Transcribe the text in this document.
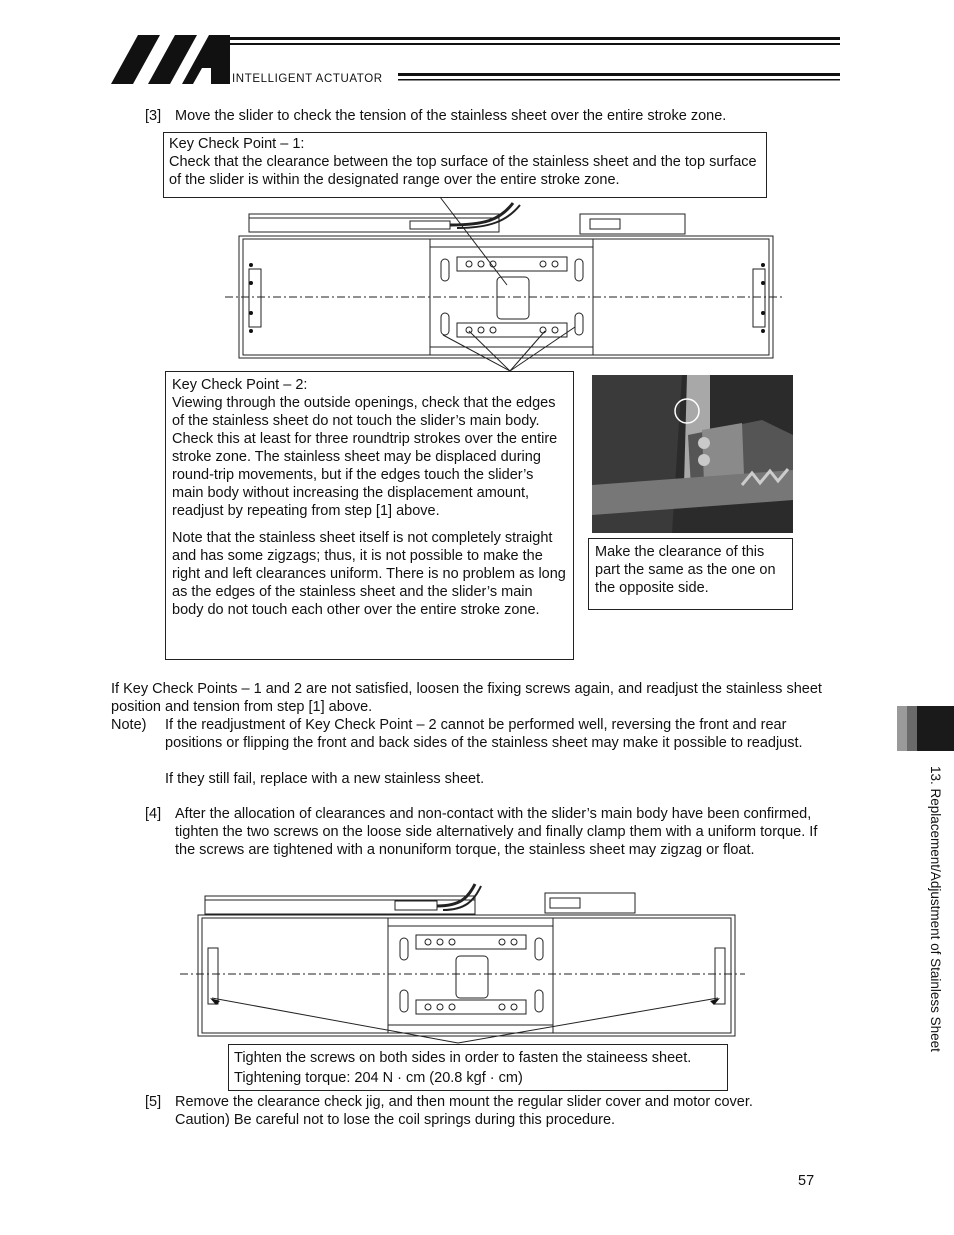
INTELLIGENT ACTUATOR
[3] Move the slider to check the tension of the stainless sheet over the entire stroke zone.

Key Check Point – 1:

Check that the clearance between the top surface of the stainless sheet and the top surface of the slider is within the designated range over the entire stroke zone.

Key Check Point – 2:

Viewing through the outside openings, check that the edges of the stainless sheet do not touch the slider’s main body. Check this at least for three roundtrip strokes over the entire stroke zone. The stainless sheet may be displaced during round-trip movements, but if the edges touch the slider’s main body without increasing the displacement amount, readjust by repeating from step [1] above.

Note that the stainless sheet itself is not completely straight and has some zigzags; thus, it is not possible to make the right and left clearances uniform. There is no problem as long as the edges of the stainless sheet and the slider’s main body do not touch each other over the entire stroke zone.

Make the clearance of this part the same as the one on the opposite side.

If Key Check Points – 1 and 2 are not satisfied, loosen the fixing screws again, and readjust the stainless sheet position and tension from step [1] above.
Note) If the readjustment of Key Check Point – 2 cannot be performed well, reversing the front and rear positions or flipping the front and back sides of the stainless sheet may make it possible to readjust.
If they still fail, replace with a new stainless sheet.
[4] After the allocation of clearances and non-contact with the slider’s main body have been confirmed, tighten the two screws on the loose side alternatively and finally clamp them with a uniform torque. If the screws are tightened with a nonuniform torque, the stainless sheet may zigzag or float.

Tighten the screws on both sides in order to fasten the staineess sheet.

Tightening torque: 204 N · cm (20.8 kgf · cm)

[5] Remove the clearance check jig, and then mount the regular slider cover and motor cover.
Caution) Be careful not to lose the coil springs during this procedure.
13. Replacement/Adjustment of Stainless Sheet
57
